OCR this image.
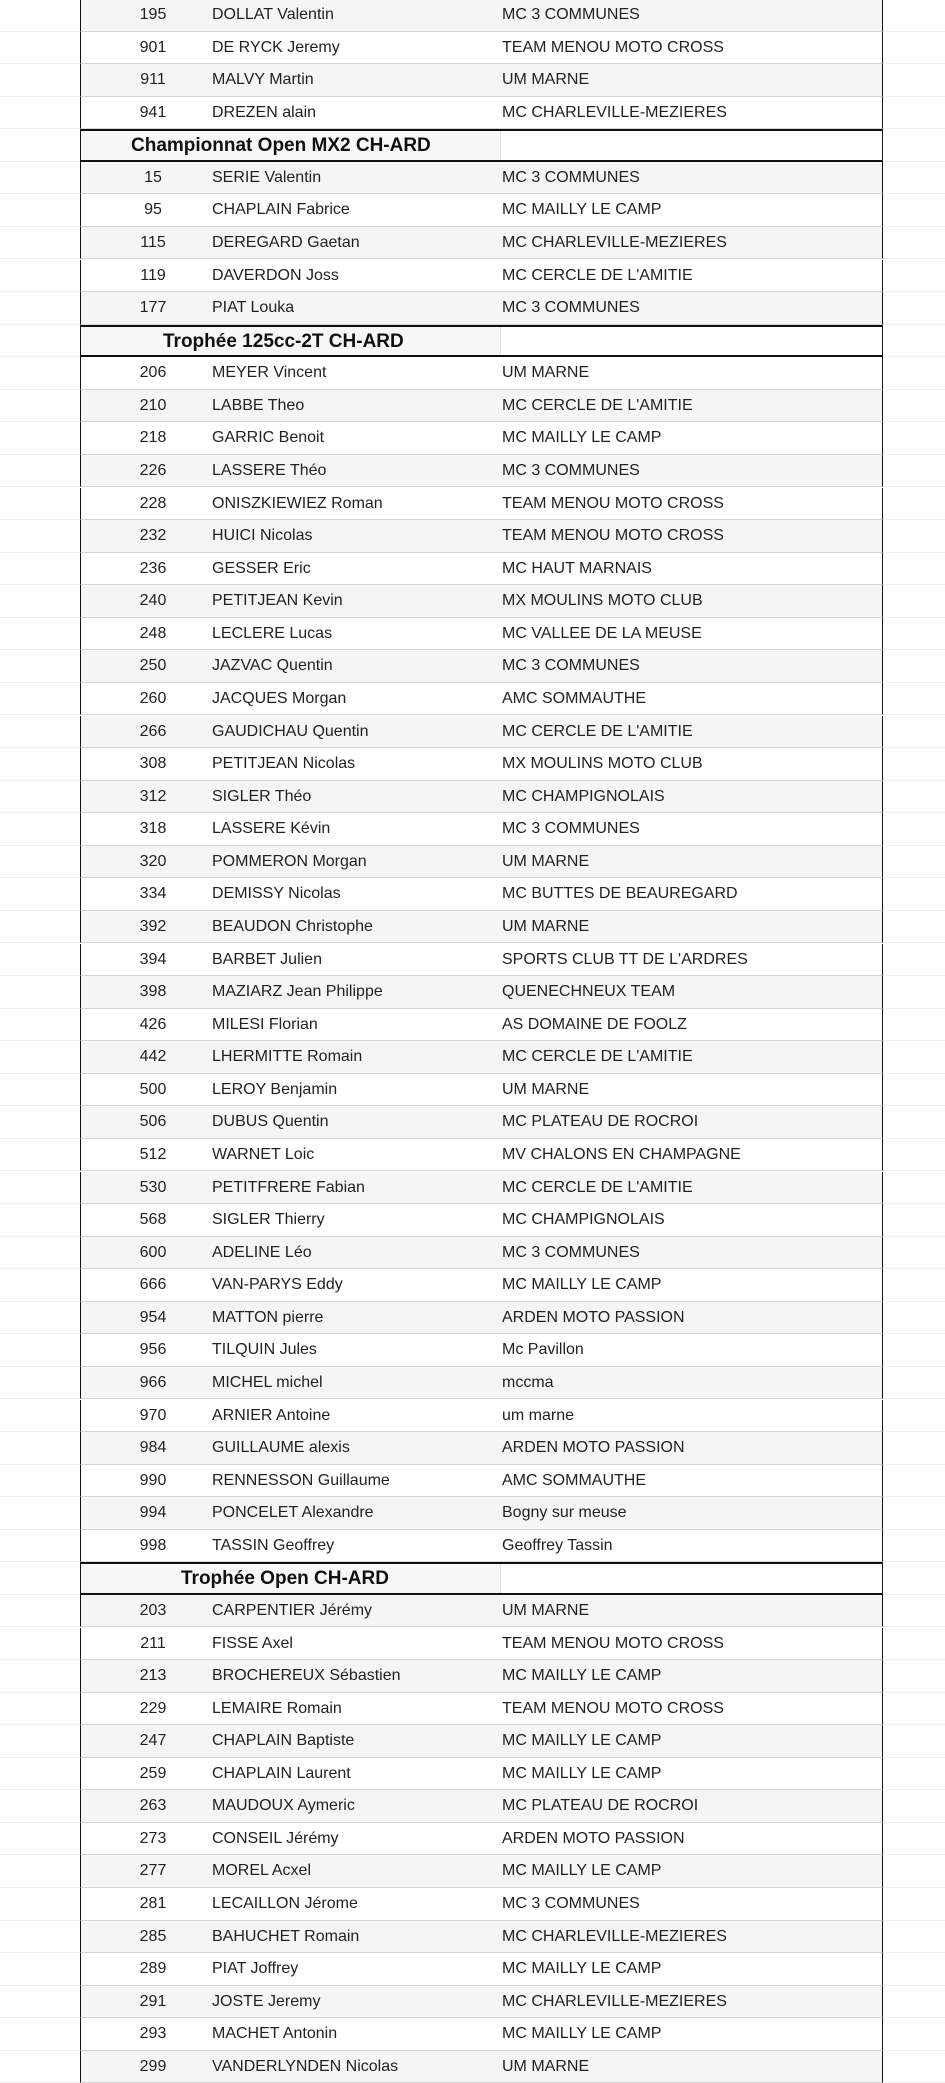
195	DOLLAT Valentin	MC 3 COMMUNES
901	DE RYCK Jeremy	TEAM MENOU MOTO CROSS
911	MALVY Martin	UM MARNE
941	DREZEN alain	MC CHARLEVILLE-MEZIERES
Championnat Open MX2 CH-ARD
15	SERIE Valentin	MC 3 COMMUNES
95	CHAPLAIN Fabrice	MC MAILLY LE CAMP
115	DEREGARD Gaetan	MC CHARLEVILLE-MEZIERES
119	DAVERDON Joss	MC CERCLE DE L'AMITIE
177	PIAT Louka	MC 3 COMMUNES
Trophée 125cc-2T CH-ARD
206	MEYER Vincent	UM MARNE
210	LABBE Theo	MC CERCLE DE L'AMITIE
218	GARRIC Benoit	MC MAILLY LE CAMP
226	LASSERE Théo	MC 3 COMMUNES
228	ONISZKIEWIEZ Roman	TEAM MENOU MOTO CROSS
232	HUICI Nicolas	TEAM MENOU MOTO CROSS
236	GESSER Eric	MC HAUT MARNAIS
240	PETITJEAN Kevin	MX MOULINS MOTO CLUB
248	LECLERE Lucas	MC VALLEE DE LA MEUSE
250	JAZVAC Quentin	MC 3 COMMUNES
260	JACQUES Morgan	AMC SOMMAUTHE
266	GAUDICHAU Quentin	MC CERCLE DE L'AMITIE
308	PETITJEAN Nicolas	MX MOULINS MOTO CLUB
312	SIGLER Théo	MC CHAMPIGNOLAIS
318	LASSERE Kévin	MC 3 COMMUNES
320	POMMERON Morgan	UM MARNE
334	DEMISSY Nicolas	MC BUTTES DE BEAUREGARD
392	BEAUDON Christophe	UM MARNE
394	BARBET Julien	SPORTS CLUB TT DE L'ARDRES
398	MAZIARZ Jean Philippe	QUENECHNEUX TEAM
426	MILESI Florian	AS DOMAINE DE FOOLZ
442	LHERMITTE Romain	MC CERCLE DE L'AMITIE
500	LEROY Benjamin	UM MARNE
506	DUBUS Quentin	MC PLATEAU DE ROCROI
512	WARNET Loic	MV CHALONS EN CHAMPAGNE
530	PETITFRERE Fabian	MC CERCLE DE L'AMITIE
568	SIGLER Thierry	MC CHAMPIGNOLAIS
600	ADELINE Léo	MC 3 COMMUNES
666	VAN-PARYS Eddy	MC MAILLY LE CAMP
954	MATTON pierre	ARDEN MOTO PASSION
956	TILQUIN Jules	Mc Pavillon
966	MICHEL michel	mccma
970	ARNIER Antoine	um marne
984	GUILLAUME alexis	ARDEN MOTO PASSION
990	RENNESSON Guillaume	AMC SOMMAUTHE
994	PONCELET Alexandre	Bogny sur meuse
998	TASSIN Geoffrey	Geoffrey Tassin
Trophée Open CH-ARD
203	CARPENTIER Jérémy	UM MARNE
211	FISSE Axel	TEAM MENOU MOTO CROSS
213	BROCHEREUX Sébastien	MC MAILLY LE CAMP
229	LEMAIRE Romain	TEAM MENOU MOTO CROSS
247	CHAPLAIN Baptiste	MC MAILLY LE CAMP
259	CHAPLAIN Laurent	MC MAILLY LE CAMP
263	MAUDOUX Aymeric	MC PLATEAU DE ROCROI
273	CONSEIL Jérémy	ARDEN MOTO PASSION
277	MOREL Acxel	MC MAILLY LE CAMP
281	LECAILLON Jérome	MC 3 COMMUNES
285	BAHUCHET Romain	MC CHARLEVILLE-MEZIERES
289	PIAT Joffrey	MC MAILLY LE CAMP
291	JOSTE Jeremy	MC CHARLEVILLE-MEZIERES
293	MACHET Antonin	MC MAILLY LE CAMP
299	VANDERLYNDEN Nicolas	UM MARNE
